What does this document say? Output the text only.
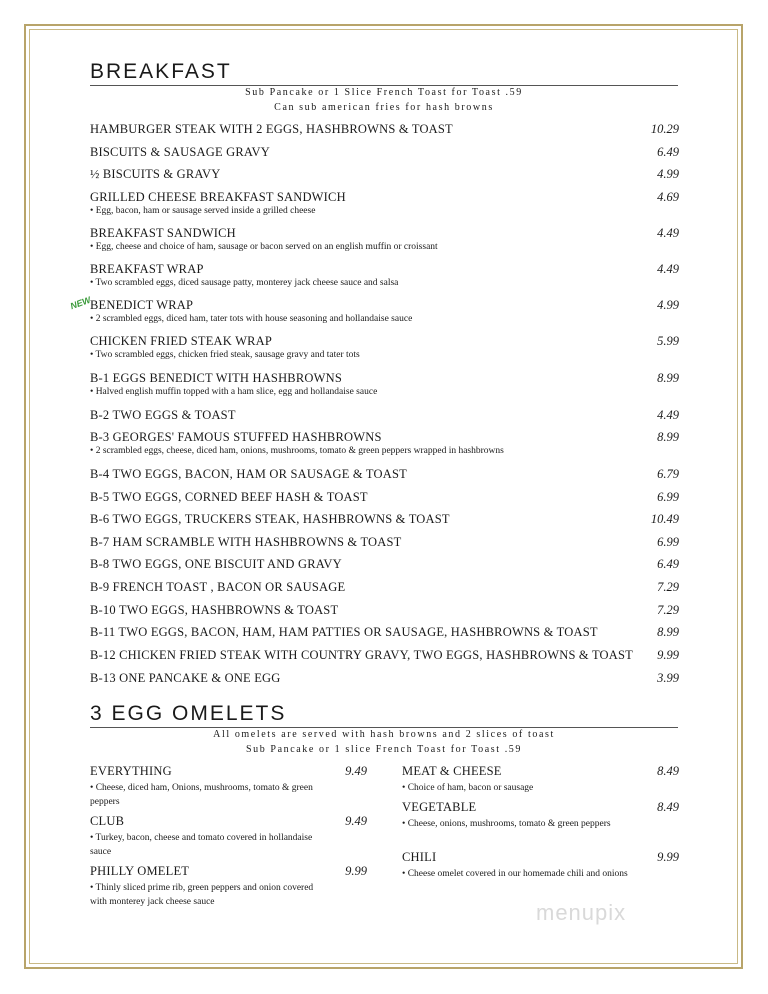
BREAKFAST
Sub Pancake or 1 Slice French Toast for Toast .59
Can sub american fries for hash browns
NEW
HAMBURGER STEAK WITH 2 EGGS, HASHBROWNS & TOAST	10.29
BISCUITS & SAUSAGE GRAVY	6.49
½ BISCUITS & GRAVY	4.99
GRILLED CHEESE BREAKFAST SANDWICH	4.69
• Egg, bacon, ham or sausage served inside a grilled cheese
BREAKFAST SANDWICH	4.49
• Egg, cheese and choice of ham, sausage or bacon served on an english muffin or croissant
BREAKFAST WRAP	4.49
• Two scrambled eggs, diced sausage patty, monterey jack cheese sauce and salsa
BENEDICT WRAP	4.99
• 2 scrambled eggs, diced ham, tater tots with house seasoning and hollandaise sauce
CHICKEN FRIED STEAK WRAP	5.99
• Two scrambled eggs, chicken fried steak, sausage gravy and tater tots
B-1 EGGS BENEDICT WITH HASHBROWNS	8.99
• Halved english muffin topped with a ham slice, egg and hollandaise sauce
B-2 TWO EGGS & TOAST	4.49
B-3 GEORGES' FAMOUS STUFFED HASHBROWNS	8.99
• 2 scrambled eggs, cheese, diced ham, onions, mushrooms, tomato & green peppers wrapped in hashbrowns
B-4 TWO EGGS, BACON, HAM OR SAUSAGE & TOAST	6.79
B-5 TWO EGGS, CORNED BEEF HASH & TOAST	6.99
B-6 TWO EGGS, TRUCKERS STEAK, HASHBROWNS & TOAST	10.49
B-7 HAM SCRAMBLE WITH HASHBROWNS & TOAST	6.99
B-8 TWO EGGS, ONE BISCUIT AND GRAVY	6.49
B-9 FRENCH TOAST , BACON OR SAUSAGE	7.29
B-10 TWO EGGS, HASHBROWNS & TOAST	7.29
B-11 TWO EGGS, BACON, HAM, HAM PATTIES OR SAUSAGE, HASHBROWNS & TOAST	8.99
B-12 CHICKEN FRIED STEAK WITH COUNTRY GRAVY, TWO EGGS, HASHBROWNS & TOAST	9.99
B-13 ONE PANCAKE & ONE EGG	3.99
3 EGG OMELETS
All omelets are served with hash browns and 2 slices of toast
Sub Pancake or 1 slice French Toast for Toast .59
EVERYTHING	9.49
• Cheese, diced ham, Onions, mushrooms, tomato & green peppers
CLUB	9.49
• Turkey, bacon, cheese and tomato covered in hollandaise sauce
PHILLY OMELET	9.99
• Thinly sliced prime rib, green peppers and onion covered with monterey jack cheese sauce
MEAT & CHEESE	8.49
• Choice of ham, bacon or sausage
VEGETABLE	8.49
• Cheese, onions, mushrooms, tomato & green peppers
CHILI	9.99
• Cheese omelet covered in our homemade chili and onions
menupix
